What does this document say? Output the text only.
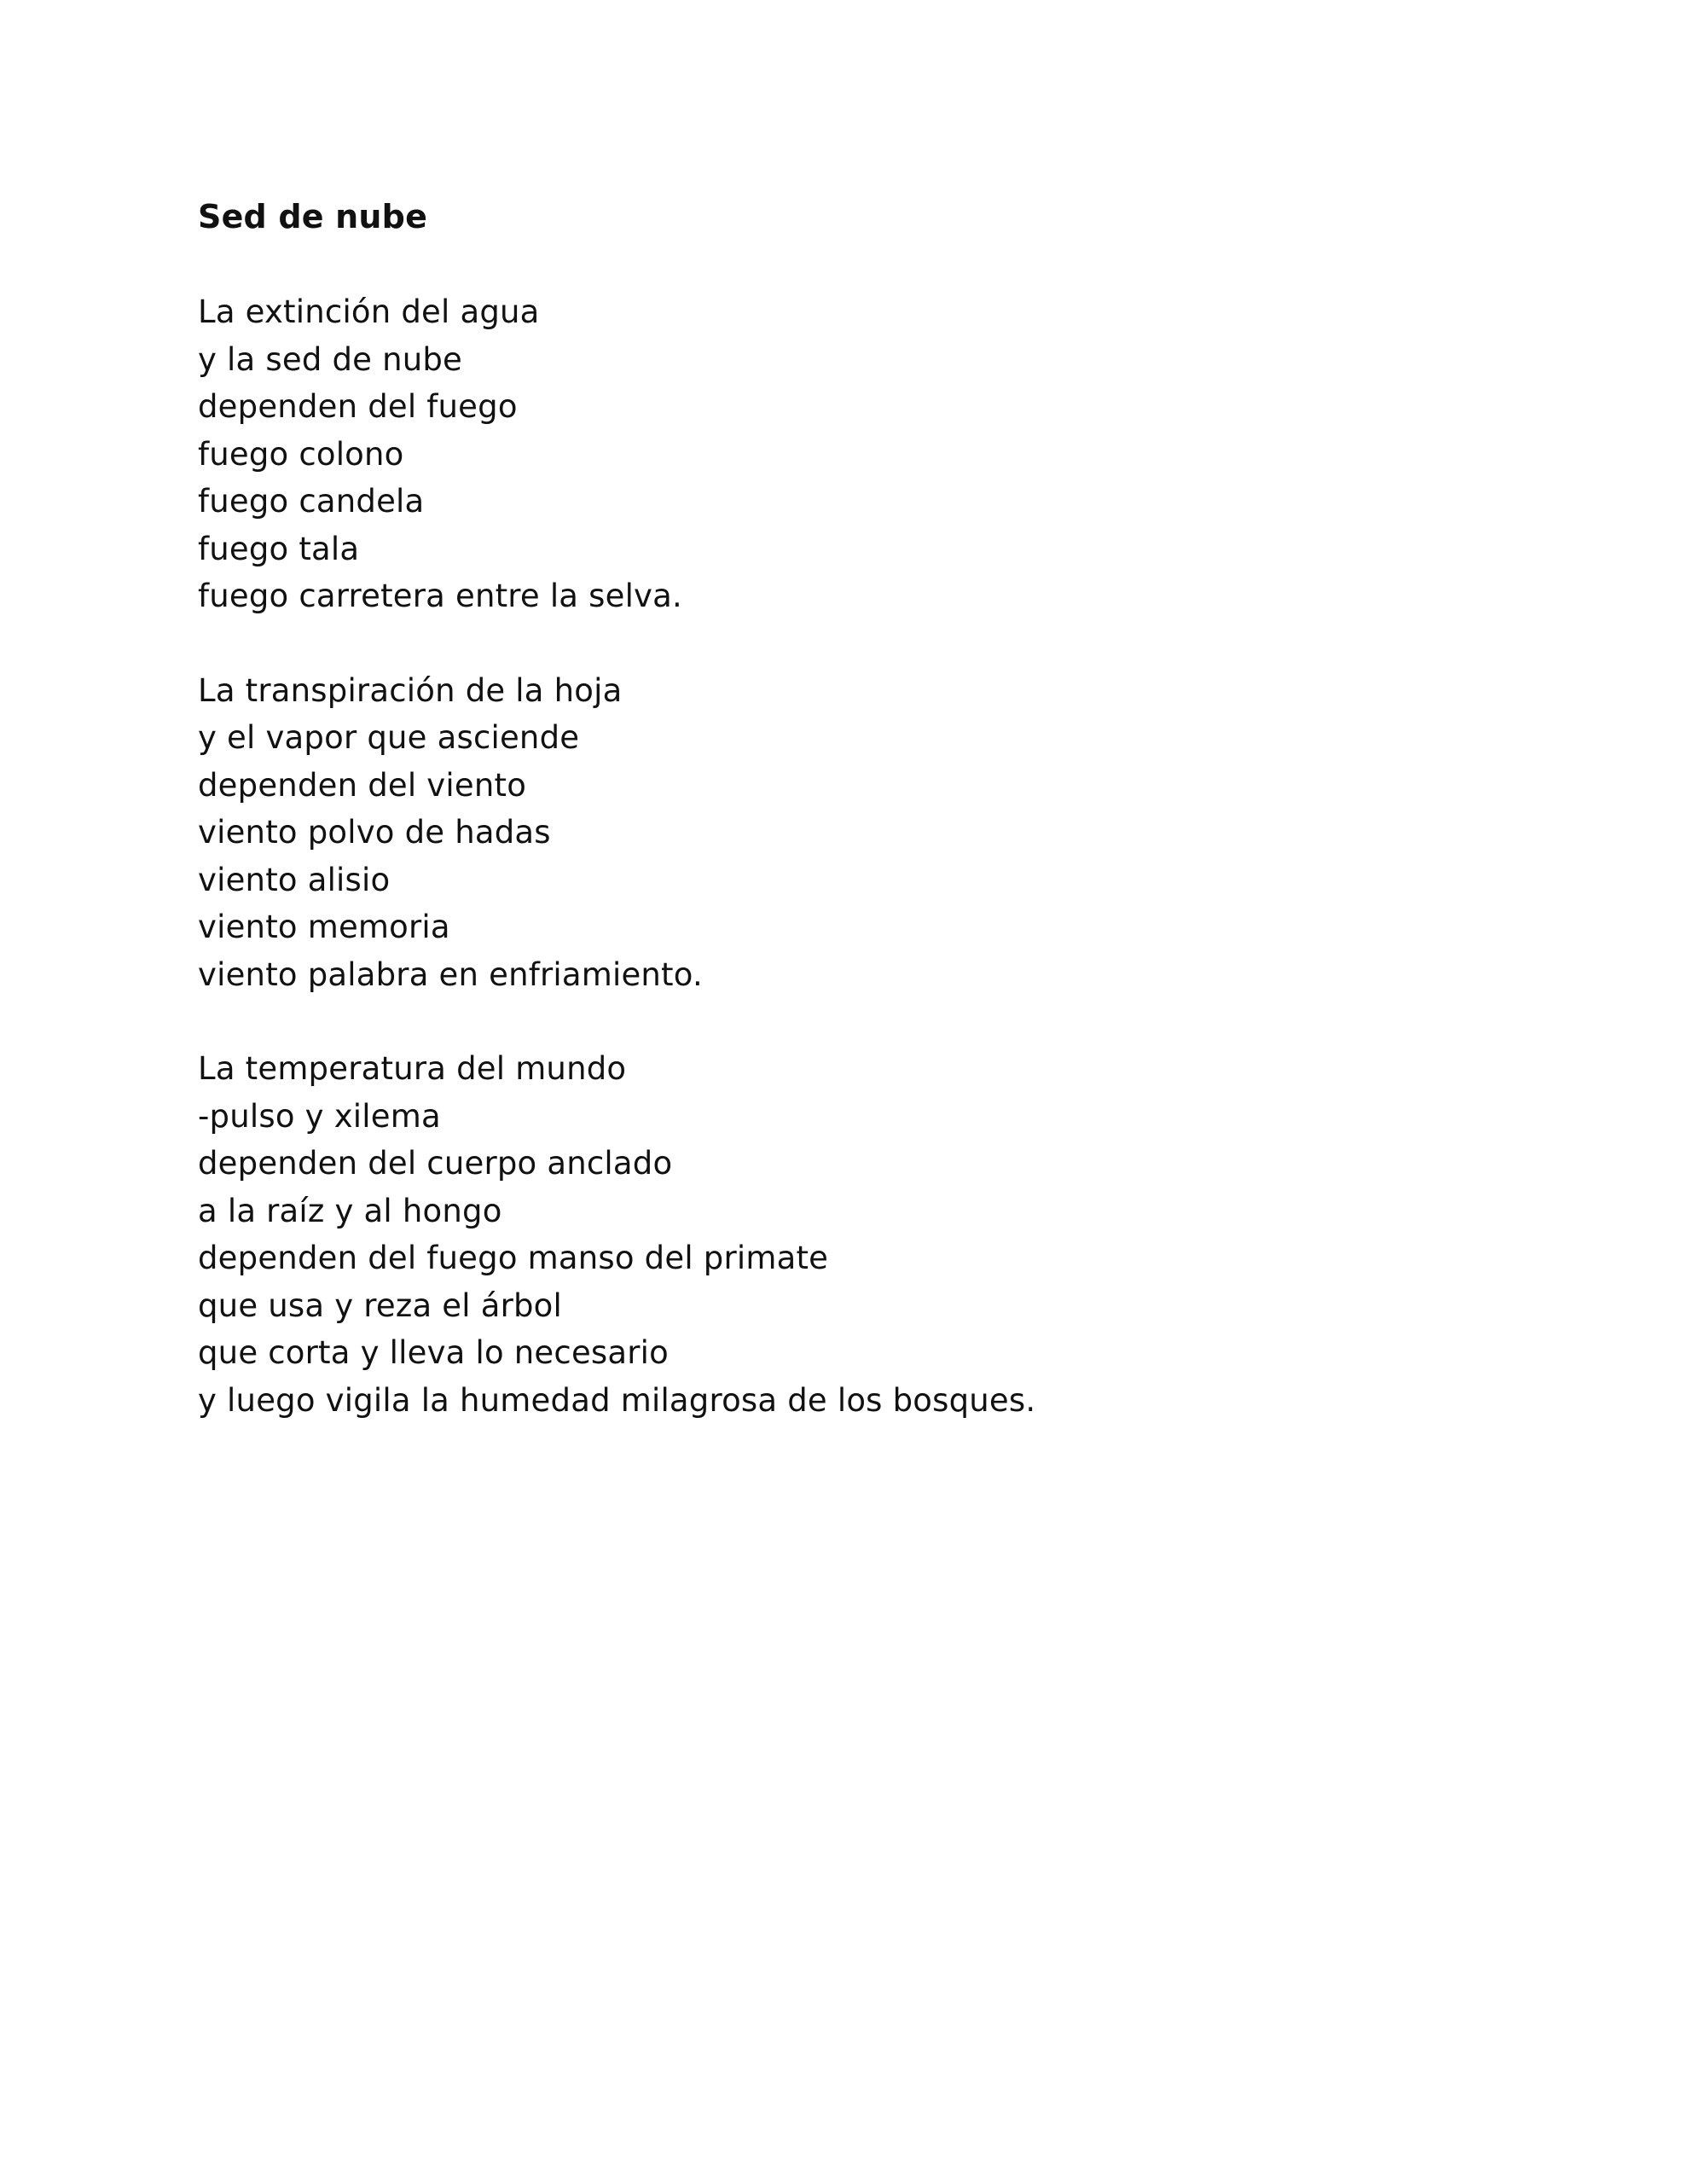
Sed de nube
La extinción del agua
y la sed de nube
dependen del fuego
fuego colono
fuego candela
fuego tala
fuego carretera entre la selva.
La transpiración de la hoja
y el vapor que asciende
dependen del viento
viento polvo de hadas
viento alisio
viento memoria
viento palabra en enfriamiento.
La temperatura del mundo
-pulso y xilema
dependen del cuerpo anclado
a la raíz y al hongo
dependen del fuego manso del primate
que usa y reza el árbol
que corta y lleva lo necesario
y luego vigila la humedad milagrosa de los bosques.
